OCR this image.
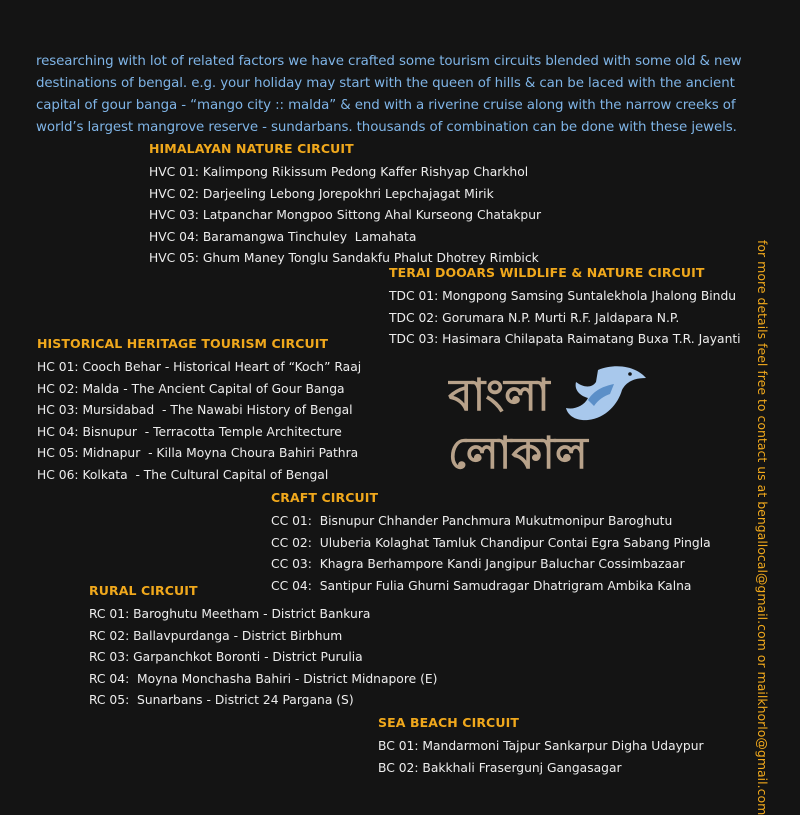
researching with lot of related factors we have crafted some tourism circuits blended with some old & new destinations of bengal. e.g. your holiday may start with the queen of hills & can be laced with the ancient capital of gour banga - “mango city :: malda” & end with a riverine cruise along with the narrow creeks of world’s largest mangrove reserve - sundarbans. thousands of combination can be done with these jewels.

HIMALAYAN NATURE CIRCUIT
HVC 01: Kalimpong Rikissum Pedong Kaffer Rishyap Charkhol
HVC 02: Darjeeling Lebong Jorepokhri Lepchajagat Mirik
HVC 03: Latpanchar Mongpoo Sittong Ahal Kurseong Chatakpur
HVC 04: Baramangwa Tinchuley  Lamahata
HVC 05: Ghum Maney Tonglu Sandakfu Phalut Dhotrey Rimbick
TERAI DOOARS WILDLIFE & NATURE CIRCUIT
TDC 01: Mongpong Samsing Suntalekhola Jhalong Bindu
TDC 02: Gorumara N.P. Murti R.F. Jaldapara N.P.
TDC 03: Hasimara Chilapata Raimatang Buxa T.R. Jayanti
HISTORICAL HERITAGE TOURISM CIRCUIT
HC 01: Cooch Behar - Historical Heart of “Koch” Raaj
HC 02: Malda - The Ancient Capital of Gour Banga
HC 03: Mursidabad  - The Nawabi History of Bengal
HC 04: Bisnupur  - Terracotta Temple Architecture
HC 05: Midnapur  - Killa Moyna Choura Bahiri Pathra
HC 06: Kolkata  - The Cultural Capital of Bengal
বাংলা
লোকাল
CRAFT CIRCUIT
CC 01:  Bisnupur Chhander Panchmura Mukutmonipur Baroghutu
CC 02:  Uluberia Kolaghat Tamluk Chandipur Contai Egra Sabang Pingla
CC 03:  Khagra Berhampore Kandi Jangipur Baluchar Cossimbazaar
CC 04:  Santipur Fulia Ghurni Samudragar Dhatrigram Ambika Kalna
RURAL CIRCUIT
RC 01: Baroghutu Meetham - District Bankura
RC 02: Ballavpurdanga - District Birbhum
RC 03: Garpanchkot Boronti - District Purulia
RC 04:  Moyna Monchasha Bahiri - District Midnapore (E)
RC 05:  Sunarbans - District 24 Pargana (S)
SEA BEACH CIRCUIT
BC 01: Mandarmoni Tajpur Sankarpur Digha Udaypur
BC 02: Bakkhali Frasergunj Gangasagar	for more details feel free to contact us at bengallocal@gmail.com or mailkhorlo@gmail.com
